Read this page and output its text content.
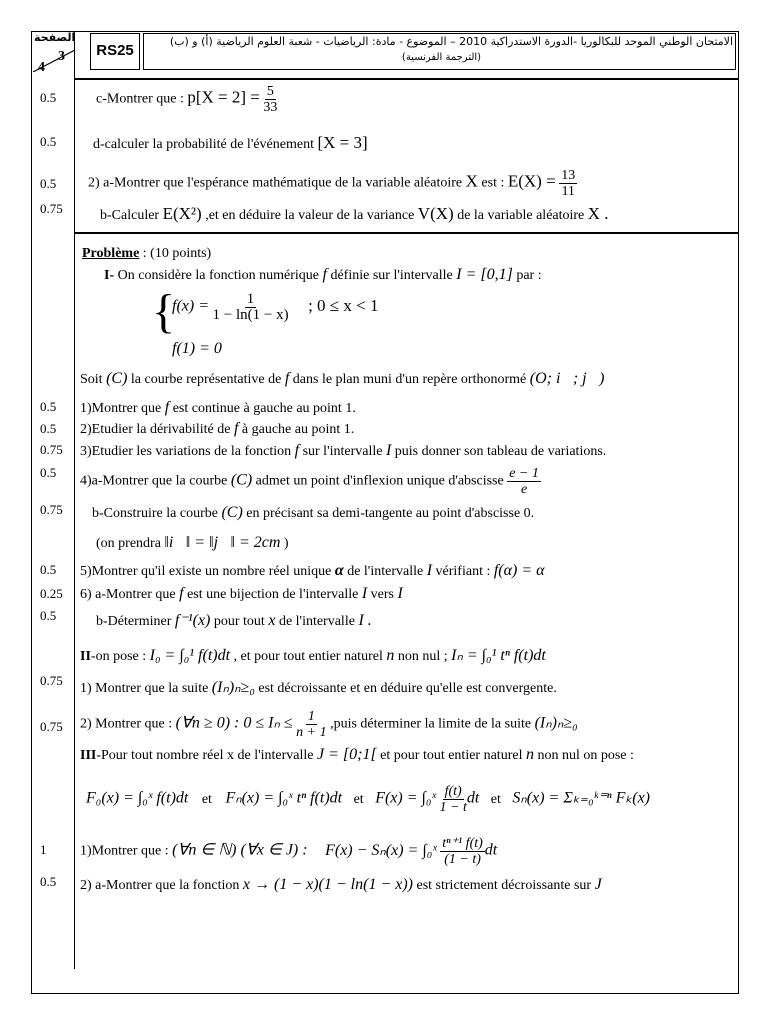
الصفحة
3
4
RS25
الامتحان الوطني الموحد للبكالوريا -الدورة الاستدراكية 2010 – الموضوع - مادة: الرياضيات - شعبة العلوم الرياضية (أ) و (ب)
(الترجمة الفرنسية)
0.5
0.5
0.5
0.75
0.5
0.5
0.75
0.5
0.75
0.5
0.25
0.5
0.75
0.75
1
0.5
c-Montrer que : $p[X = 2] = \frac{5}{33}$
d-calculer la probabilité de l'événement [X = 3]
2) a-Montrer que l'espérance mathématique de la variable aléatoire X est : $E(X) = \frac{13}{11}$
b-Calculer E(X²) ,et en déduire la valeur de la variance V(X) de la variable aléatoire X .
Problème : (10 points)
I- On considère la fonction numérique f définie sur l'intervalle I = [0,1] par :
{
$f(x) = \frac{1}{1 - \ln(1 - x)}$ ; 0 ≤ x < 1
f(1) = 0
Soit (C) la courbe représentative de f dans le plan muni d'un repère orthonormé (O; i⃗; j⃗)
1)Montrer que f est continue à gauche au point 1.
2)Etudier la dérivabilité de f à gauche au point 1.
3)Etudier les variations de la fonction f sur l'intervalle I puis donner son tableau de variations.
4)a-Montrer que la courbe (C) admet un point d'inflexion unique d'abscisse $\frac{e - 1}{e}$
b-Construire la courbe (C) en précisant sa demi-tangente au point d'abscisse 0.
(on prendra ‖i⃗‖ = ‖j⃗‖ = 2cm )
5)Montrer qu'il existe un nombre réel unique α de l'intervalle I vérifiant : f(α) = α
6) a-Montrer que f est une bijection de l'intervalle I vers I
b-Déterminer f⁻¹(x) pour tout x de l'intervalle I .
II-on pose : I₀ = ∫₀¹ f(t)dt , et pour tout entier naturel n non nul ; Iₙ = ∫₀¹ tⁿ f(t)dt
1) Montrer que la suite (Iₙ)ₙ≥₀ est décroissante et en déduire qu'elle est convergente.
2) Montrer que : (∀n ≥ 0) : $0 \le I_n \le \frac{1}{n + 1}$ ,puis déterminer la limite de la suite (Iₙ)ₙ≥₀
III-Pour tout nombre réel x de l'intervalle J = [0;1[ et pour tout entier naturel n non nul on pose :
F₀(x) = ∫₀ˣ f(t)dt et Fₙ(x) = ∫₀ˣ tⁿ f(t)dt et F(x) = ∫₀ˣ $\frac{f(t)}{1 - t}$ dt et Sₙ(x) = Σₖ₌₀ᵏ⁼ⁿ Fₖ(x)
1)Montrer que : (∀n ∈ ℕ) (∀x ∈ J) : F(x) − Sₙ(x) = ∫₀ˣ $\frac{\text{tⁿ⁺¹ f(t)}}{(1 - t)}$ dt
2) a-Montrer que la fonction x → (1 − x)(1 − ln(1 − x)) est strictement décroissante sur J
